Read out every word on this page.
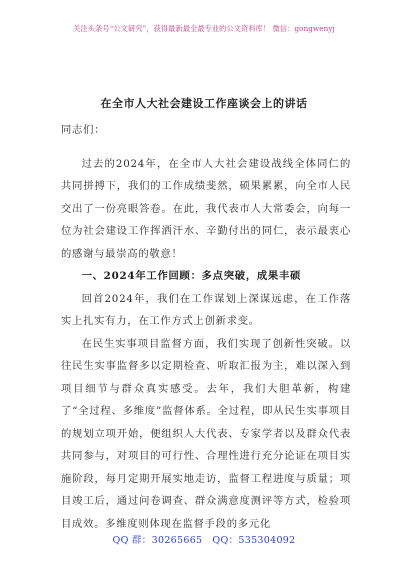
关注头条号“公文研究”，获得最新最全最专业的公文资料库！ 微信：gongwenyj
在全市人大社会建设工作座谈会上的讲话

同志们：

过去的2024年，在全市人大社会建设战线全体同仁的共同拼搏下，我们的工作成绩斐然，硕果累累，向全市人民交出了一份亮眼答卷。在此，我代表市人大常委会，向每一位为社会建设工作挥洒汗水、辛勤付出的同仁，表示最衷心的感谢与最崇高的敬意！

一、2024年工作回顾：多点突破，成果丰硕

回首2024年，我们在工作谋划上深谋远虑，在工作落实上扎实有力，在工作方式上创新求变。

在民生实事项目监督方面，我们实现了创新性突破。以往民生实事监督多以定期检查、听取汇报为主，难以深入到项目细节与群众真实感受。去年，我们大胆革新，构建了“全过程、多维度”监督体系。全过程，即从民生实事项目的规划立项开始，便组织人大代表、专家学者以及群众代表共同参与，对项目的可行性、合理性进行充分论证在项目实施阶段，每月定期开展实地走访，监督工程进度与质量；项目竣工后，通过问卷调查、群众满意度测评等方式，检验项目成效。多维度则体现在监督手段的多元化

QQ 群：30265665 QQ：535304092
